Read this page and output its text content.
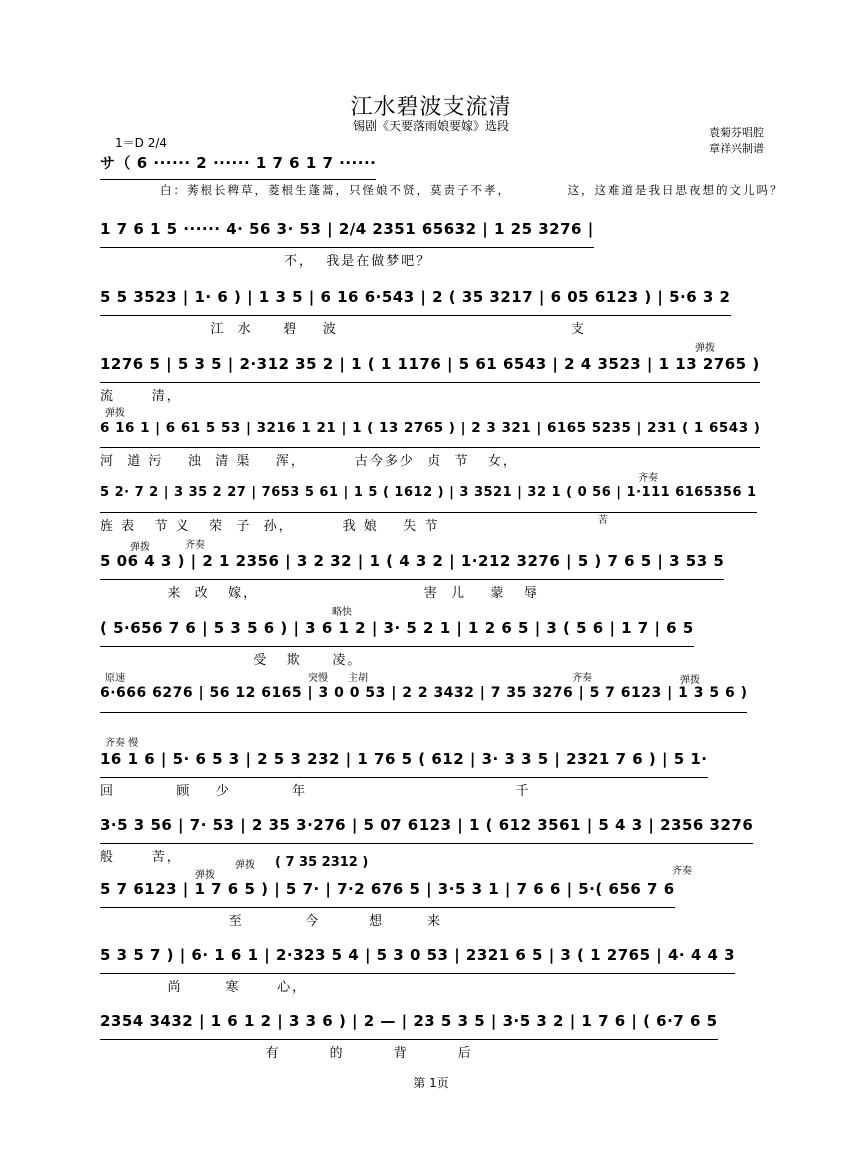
江水碧波支流清
锡剧《天要落雨娘要嫁》选段	袁菊芬唱腔
章祥兴制谱
1＝D 2/4
サ（ 6 ······ 2 ······ 1 7 6 1 7 ······
白：莠根长稗草，菱根生蓬蒿，只怪娘不贤，莫责子不孝，          这，这难道是我日思夜想的文儿吗？
1 7 6 1 5 ······ 4· 56 3· 53 | 2/4 2351 65632 | 1 25 3276 |
不，  我是在做梦吧？
5 5 3523 | 1· 6 ) | 1 3 5 | 6 16 6·543 | 2 ( 35 3217 | 6 05 6123 ) | 5·6 3 2
江  水     碧    波                                      支
弹拨
1276 5 | 5 3 5 | 2·312 35 2 | 1 ( 1 1176 | 5 61 6543 | 2 4 3523 | 1 13 2765 )
流      清，
弹拨
6 16 1 | 6 61 5 53 | 3216 1 21 | 1 ( 13 2765 ) | 2 3 321 | 6165 5235 | 231 ( 1 6543 )
河  道 污    浊  清 渠    浑，        古今多少  贞  节   女，
齐奏
苦
5 2· 7 2 | 3 35 2 27 | 7653 5 61 | 1 5 ( 1612 ) | 3 3521 | 32 1 ( 0 56 | 1·111 6165356 1
旌 表   节 义   荣  子  孙，        我 娘    失 节
弹拨	齐奏
5 06 4 3 ) | 2 1 2356 | 3 2 32 | 1 ( 4 3 2 | 1·212 3276 | 5 ) 7 6 5 | 3 53 5
来  改   嫁，                           害  儿    蒙   辱
略快
( 5·656 7 6 | 5 3 5 6 ) | 3 6 1 2 | 3· 5 2 1 | 1 2 6 5 | 3 ( 5 6 | 1 7 | 6 5
受   欺     凌。
原速	突慢 主胡	齐奏	弹拨
6·666 6276 | 56 12 6165 | 3 0 0 53 | 2 2 3432 | 7 35 3276 | 5 7 6123 | 1 3 5 6 )
齐奏 慢
16 1 6 | 5· 6 5 3 | 2 5 3 232 | 1 76 5 ( 612 | 3· 3 3 5 | 2321 7 6 ) | 5 1·
回          顾    少          年                                  千
3·5 3 56 | 7· 53 | 2 35 3·276 | 5 07 6123 | 1 ( 612 3561 | 5 4 3 | 2356 3276
般      苦，
弹拨
弹拨 ( 7 35 2312 )
齐奏
5 7 6123 | 1 7 6 5 ) | 5 7· | 7·2 676 5 | 3·5 3 1 | 7 6 6 | 5·( 656 7 6
至          今        想       来
5 3 5 7 ) | 6· 1 6 1 | 2·323 5 4 | 5 3 0 53 | 2321 6 5 | 3 ( 1 2765 | 4· 4 4 3
尚       寒      心，
2354 3432 | 1 6 1 2 | 3 3 6 ) | 2 — | 23 5 3 5 | 3·5 3 2 | 1 7 6 | ( 6·7 6 5
有        的        背        后
第 1页
